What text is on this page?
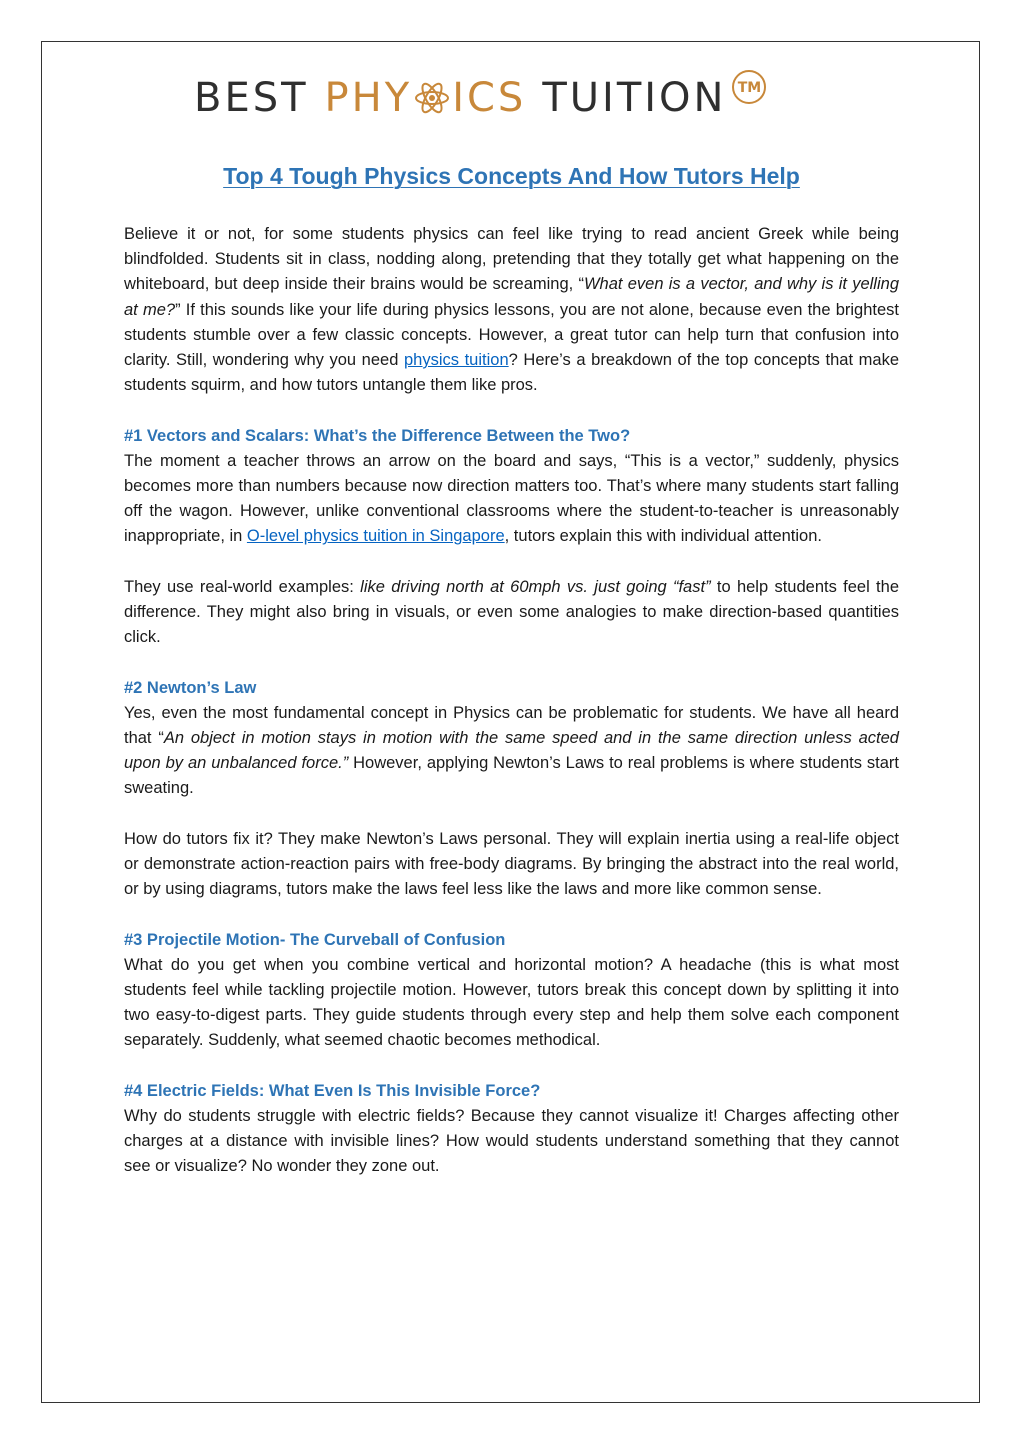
BEST PHY ICS TUITION TM
Top 4 Tough Physics Concepts And How Tutors Help

Believe it or not, for some students physics can feel like trying to read ancient Greek while being blindfolded. Students sit in class, nodding along, pretending that they totally get what happening on the whiteboard, but deep inside their brains would be screaming, “What even is a vector, and why is it yelling at me?” If this sounds like your life during physics lessons, you are not alone, because even the brightest students stumble over a few classic concepts. However, a great tutor can help turn that confusion into clarity. Still, wondering why you need physics tuition? Here’s a breakdown of the top concepts that make students squirm, and how tutors untangle them like pros.

#1 Vectors and Scalars: What’s the Difference Between the Two?

The moment a teacher throws an arrow on the board and says, “This is a vector,” suddenly, physics becomes more than numbers because now direction matters too. That’s where many students start falling off the wagon. However, unlike conventional classrooms where the student-to-teacher is unreasonably inappropriate, in O-level physics tuition in Singapore, tutors explain this with individual attention.

They use real-world examples: like driving north at 60mph vs. just going “fast” to help students feel the difference. They might also bring in visuals, or even some analogies to make direction-based quantities click.

#2 Newton’s Law

Yes, even the most fundamental concept in Physics can be problematic for students. We have all heard that “An object in motion stays in motion with the same speed and in the same direction unless acted upon by an unbalanced force.” However, applying Newton’s Laws to real problems is where students start sweating.

How do tutors fix it? They make Newton’s Laws personal. They will explain inertia using a real-life object or demonstrate action-reaction pairs with free-body diagrams. By bringing the abstract into the real world, or by using diagrams, tutors make the laws feel less like the laws and more like common sense.

#3 Projectile Motion- The Curveball of Confusion

What do you get when you combine vertical and horizontal motion? A headache (this is what most students feel while tackling projectile motion. However, tutors break this concept down by splitting it into two easy-to-digest parts. They guide students through every step and help them solve each component separately. Suddenly, what seemed chaotic becomes methodical.

#4 Electric Fields: What Even Is This Invisible Force?

Why do students struggle with electric fields? Because they cannot visualize it! Charges affecting other charges at a distance with invisible lines? How would students understand something that they cannot see or visualize? No wonder they zone out.
